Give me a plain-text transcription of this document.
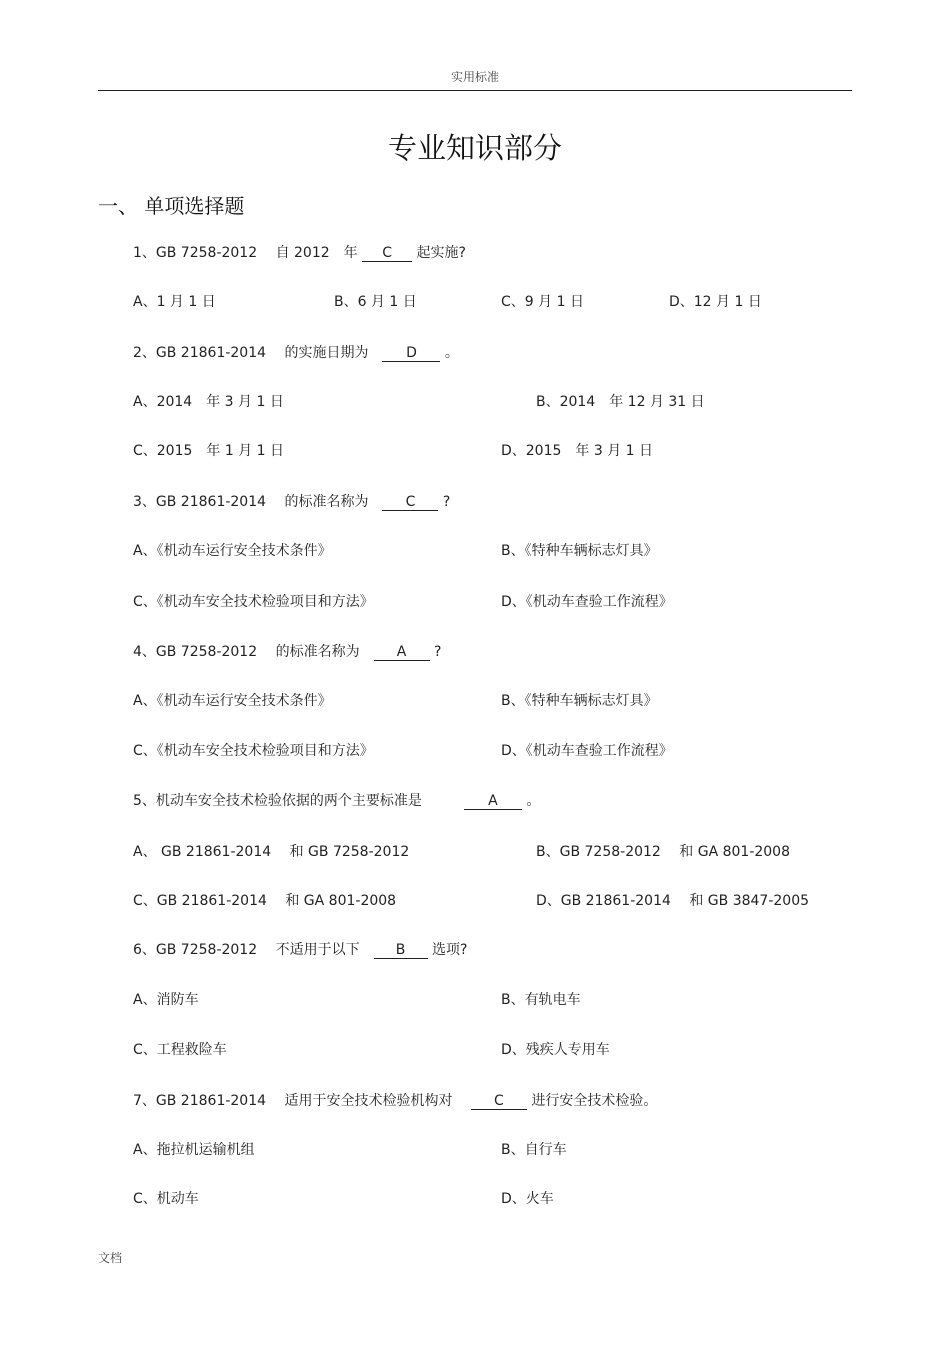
实用标准
专业知识部分
一、 单项选择题
1、GB 7258-2012　 自 2012　年 C 起实施?
A、1 月 1 日	B、6 月 1 日	C、9 月 1 日	D、12 月 1 日
2、GB 21861-2014　 的实施日期为　D 。
A、2014　年 3 月 1 日	B、2014　年 12 月 31 日
C、2015　年 1 月 1 日	D、2015　年 3 月 1 日
3、GB 21861-2014　 的标准名称为　C ?
A、《机动车运行安全技术条件》	B、《特种车辆标志灯具》
C、《机动车安全技术检验项目和方法》	D、《机动车查验工作流程》
4、GB 7258-2012　 的标准名称为　A ?
A、《机动车运行安全技术条件》	B、《特种车辆标志灯具》
C、《机动车安全技术检验项目和方法》	D、《机动车查验工作流程》
5、机动车安全技术检验依据的两个主要标准是　　　A 。
A、 GB 21861-2014　 和 GB 7258-2012	B、GB 7258-2012　 和 GA 801-2008
C、GB 21861-2014　 和 GA 801-2008	D、GB 21861-2014　 和 GB 3847-2005
6、GB 7258-2012　 不适用于以下　B 选项?
A、消防车	B、有轨电车
C、工程救险车	D、残疾人专用车
7、GB 21861-2014　 适用于安全技术检验机构对　 C 进行安全技术检验。
A、拖拉机运输机组	B、自行车
C、机动车	D、火车
文档
